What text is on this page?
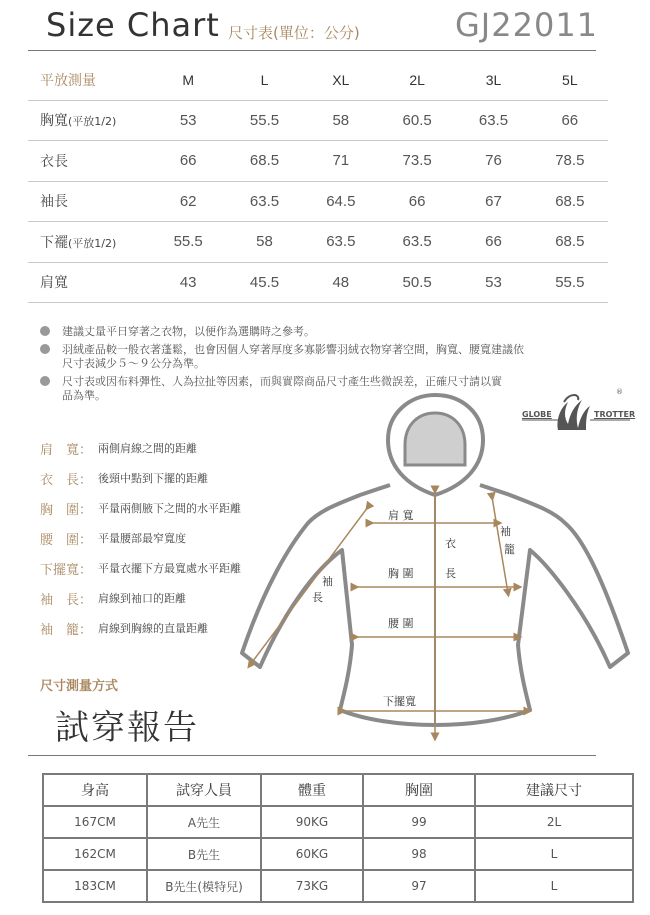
Size Chart 尺寸表(單位：公分)	GJ22011
平放測量	M	L	XL	2L	3L	5L
胸寬(平放1/2)	53	55.5	58	60.5	63.5	66
衣長	66	68.5	71	73.5	76	78.5
袖長	62	63.5	64.5	66	67	68.5
下襬(平放1/2)	55.5	58	63.5	63.5	66	68.5
肩寬	43	45.5	48	50.5	53	55.5
建議丈量平日穿著之衣物，以便作為選購時之參考。
羽絨產品較一般衣著蓬鬆，也會因個人穿著厚度多寡影響羽絨衣物穿著空間，胸寬、腰寬建議依尺寸表減少５～９公分為準。
尺寸表或因布料彈性、人為拉扯等因素，而與實際商品尺寸產生些微誤差，正確尺寸請以實品為準。
GLOBE	TROTTER
®
肩　寬： 兩側肩線之間的距離
衣　長： 後頸中點到下擺的距離
胸　圍： 平量兩側腋下之間的水平距離
腰　圍： 平量腰部最窄寬度
下擺寬： 平量衣擺下方最寬處水平距離
袖　長： 肩線到袖口的距離
袖　籠： 肩線到胸線的直量距離
肩 寬
胸 圍
腰 圍
下擺寬
衣
長
袖
長
袖
籠
尺寸測量方式
試穿報告
身高	試穿人員	體重	胸圍	建議尺寸
167CM	A先生	90KG	99	2L
162CM	B先生	60KG	98	L
183CM	B先生(模特兒)	73KG	97	L
